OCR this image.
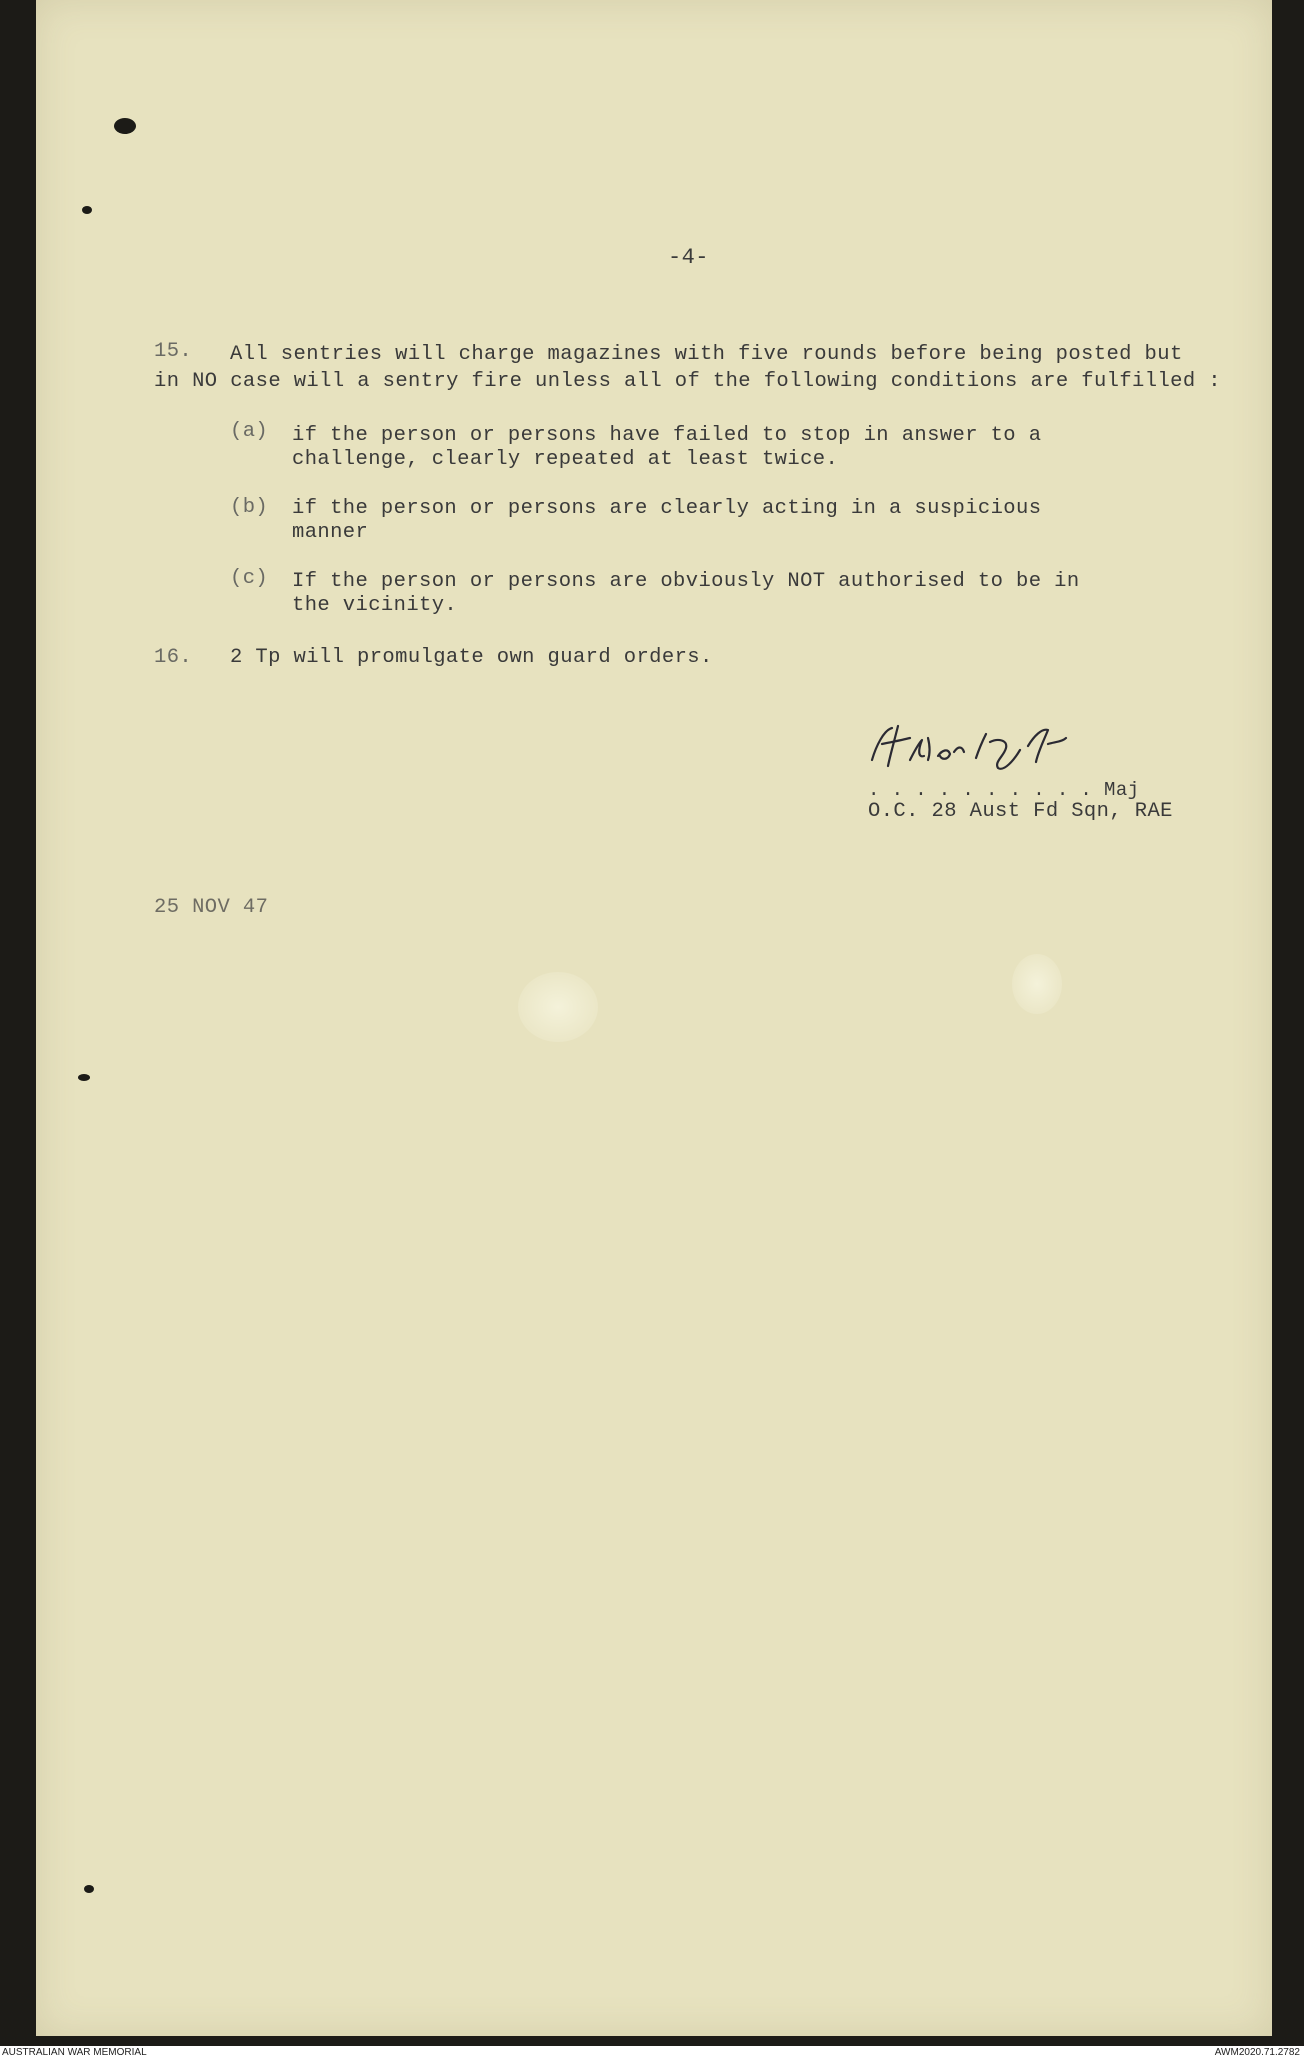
-4-
15. All sentries will charge magazines with five rounds before being posted but
in NO case will a sentry fire unless all of the following conditions are fulfilled :
(a) if the person or persons have failed to stop in answer to a
challenge, clearly repeated at least twice.
(b) if the person or persons are clearly acting in a suspicious
manner
(c) If the person or persons are obviously NOT authorised to be in
the vicinity.
16. 2 Tp will promulgate own guard orders.
. . . . . . . . . . Maj
O.C. 28 Aust Fd Sqn, RAE
25 NOV 47
AUSTRALIAN WAR MEMORIAL	AWM2020.71.2782
